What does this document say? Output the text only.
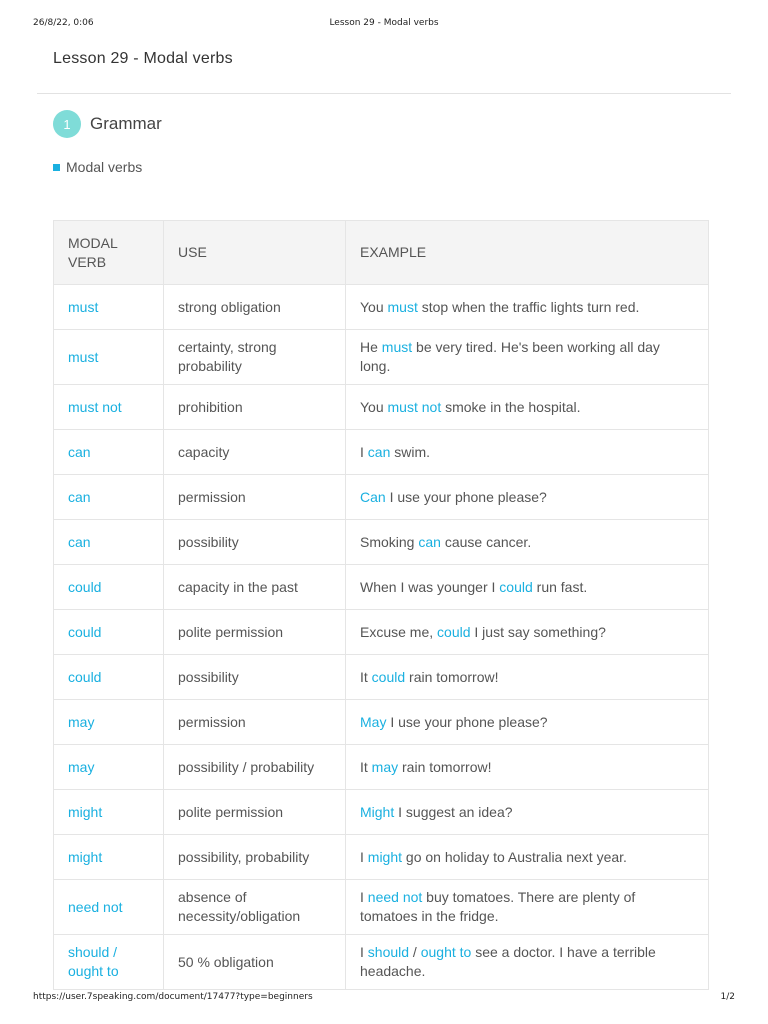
26/8/22, 0:06	Lesson 29 - Modal verbs
Lesson 29 - Modal verbs
1	Grammar
Modal verbs
MODAL VERB	USE	EXAMPLE
must	strong obligation	You must stop when the traffic lights turn red.
must	certainty, strong probability	He must be very tired. He's been working all day long.
must not	prohibition	You must not smoke in the hospital.
can	capacity	I can swim.
can	permission	Can I use your phone please?
can	possibility	Smoking can cause cancer.
could	capacity in the past	When I was younger I could run fast.
could	polite permission	Excuse me, could I just say something?
could	possibility	It could rain tomorrow!
may	permission	May I use your phone please?
may	possibility / probability	It may rain tomorrow!
might	polite permission	Might I suggest an idea?
might	possibility, probability	I might go on holiday to Australia next year.
need not	absence of necessity/obligation	I need not buy tomatoes. There are plenty of tomatoes in the fridge.
should / ought to	50 % obligation	I should / ought to see a doctor. I have a terrible headache.
https://user.7speaking.com/document/17477?type=beginners	1/2
